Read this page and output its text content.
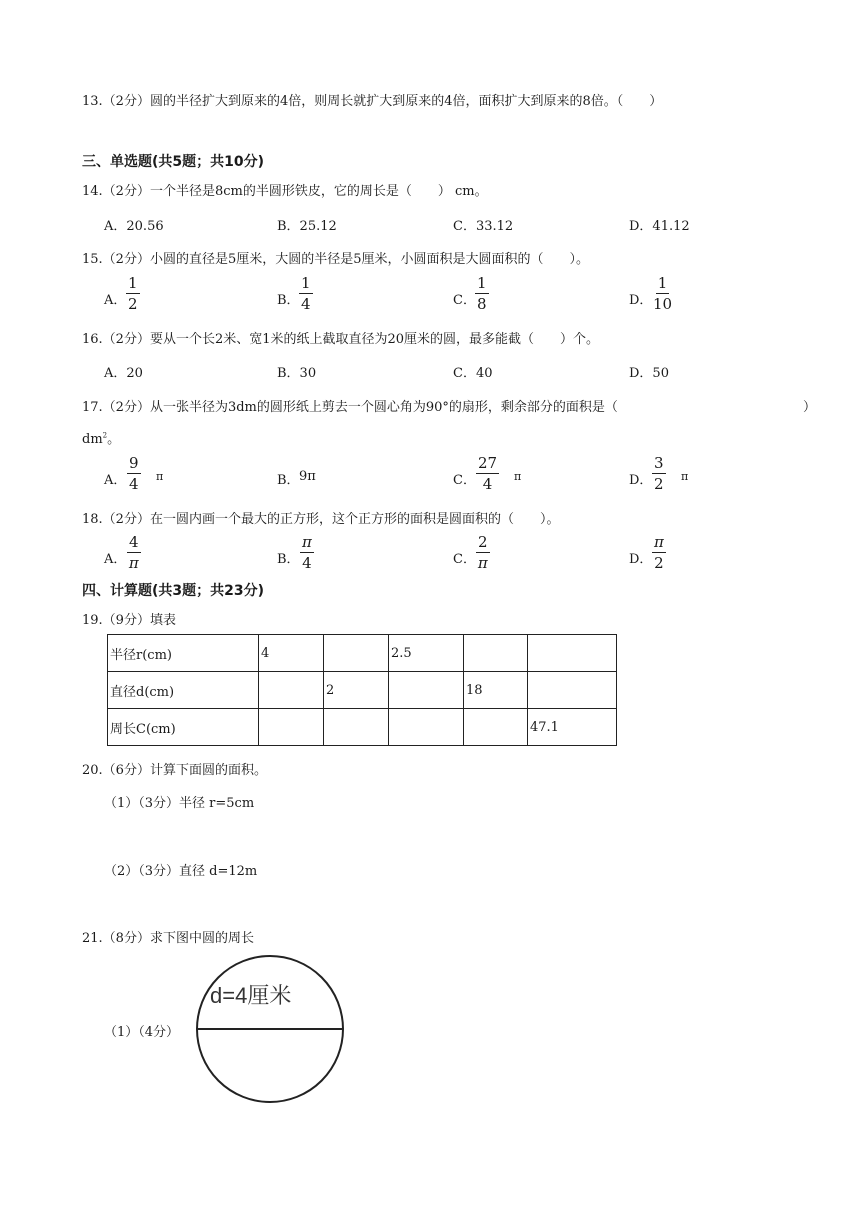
13.（2分）圆的半径扩大到原来的4倍，则周长就扩大到原来的4倍，面积扩大到原来的8倍。（　　）
三、单选题(共5题；共10分)
14.（2分）一个半径是8cm的半圆形铁皮，它的周长是（　　） cm。
A．20.56	B．25.12	C．33.12	D．41.12
15.（2分）小圆的直径是5厘米，大圆的半径是5厘米，小圆面积是大圆面积的（　　）。
A． $\frac{1}{2}$	B． $\frac{1}{4}$	C． $\frac{1}{8}$	D． $\frac{1}{10}$
16.（2分）要从一个长2米、宽1米的纸上截取直径为20厘米的圆，最多能截（　　）个。
A．20	B．30	C．40	D．50
17.（2分）从一张半径为3dm的圆形纸上剪去一个圆心角为90°的扇形，剩余部分的面积是（	）
$dm^2$。
A． $\frac{9}{4}$ π	B． 9π	C． $\frac{27}{4}$ π	D． $\frac{3}{2}$ π
18.（2分）在一圆内画一个最大的正方形，这个正方形的面积是圆面积的（　　）。
A． $\frac{4}{\pi}$	B． $\frac{\pi}{4}$	C． $\frac{2}{\pi}$	D． $\frac{\pi}{2}$
四、计算题(共3题；共23分)
19.（9分）填表
半径r(cm)	4		2.5		
直径d(cm)		2		18	
周长C(cm)					47.1
20.（6分）计算下面圆的面积。
（1）（3分）半径 r=5cm
（2）（3分）直径 d=12m
21.（8分）求下图中圆的周长
（1）（4分）
d=4厘米
